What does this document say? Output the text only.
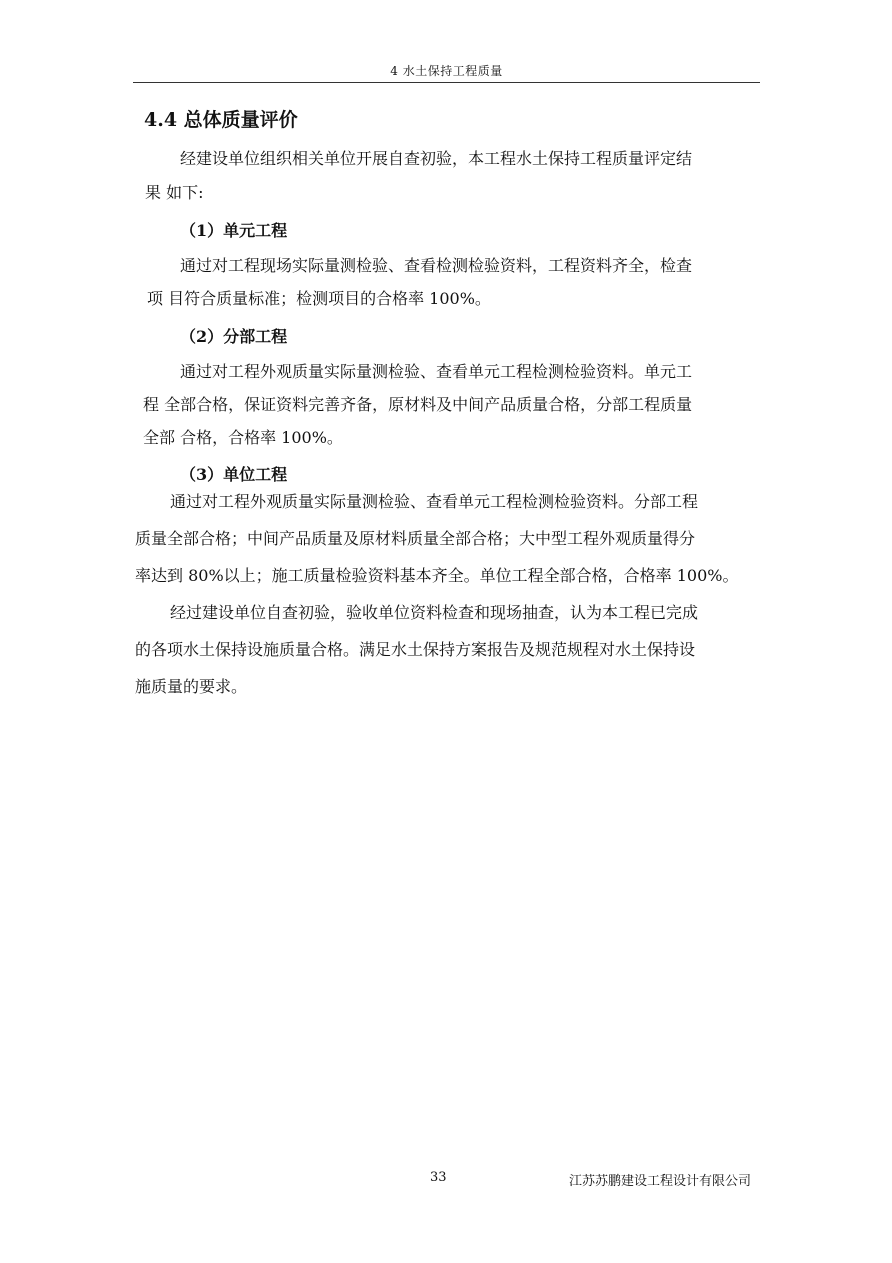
4 水土保持工程质量
4.4 总体质量评价
经建设单位组织相关单位开展自查初验，本工程水土保持工程质量评定结
果 如下:
（1）单元工程
通过对工程现场实际量测检验、查看检测检验资料，工程资料齐全，检查
项 目符合质量标准；检测项目的合格率 100%。
（2）分部工程
通过对工程外观质量实际量测检验、查看单元工程检测检验资料。单元工
程 全部合格，保证资料完善齐备，原材料及中间产品质量合格，分部工程质量
全部 合格，合格率 100%。
（3）单位工程
通过对工程外观质量实际量测检验、查看单元工程检测检验资料。分部工程
质量全部合格；中间产品质量及原材料质量全部合格；大中型工程外观质量得分
率达到 80%以上；施工质量检验资料基本齐全。单位工程全部合格，合格率 100%。
经过建设单位自查初验，验收单位资料检查和现场抽查，认为本工程已完成
的各项水土保持设施质量合格。满足水土保持方案报告及规范规程对水土保持设
施质量的要求。
33	江苏苏鹏建设工程设计有限公司
